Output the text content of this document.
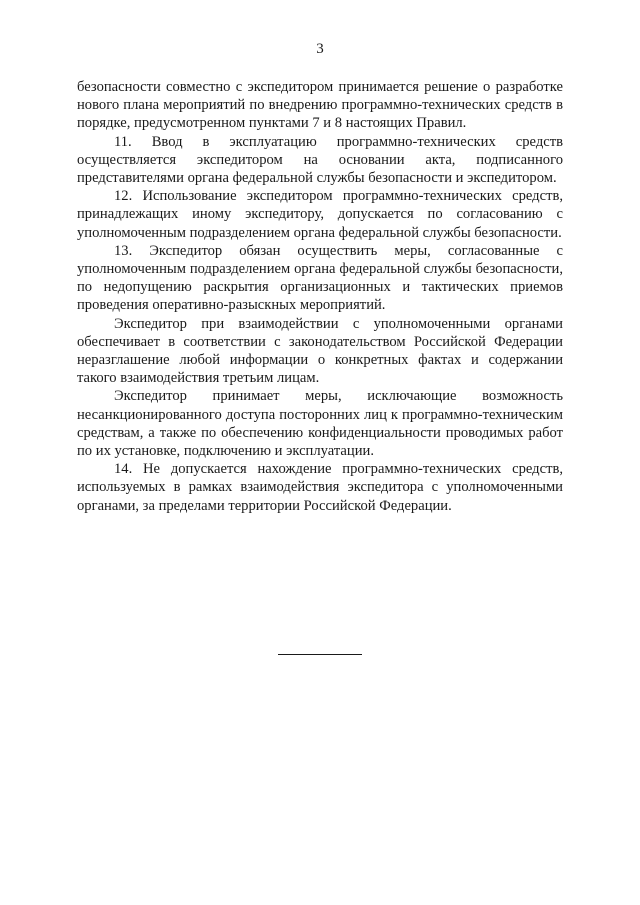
3

безопасности совместно с экспедитором принимается решение о разработке нового плана мероприятий по внедрению программно-технических средств в порядке, предусмотренном пунктами 7 и 8 настоящих Правил.

11. Ввод в эксплуатацию программно-технических средств осуществляется экспедитором на основании акта, подписанного представителями органа федеральной службы безопасности и экспедитором.

12. Использование экспедитором программно-технических средств, принадлежащих иному экспедитору, допускается по согласованию с уполномоченным подразделением органа федеральной службы безопасности.

13. Экспедитор обязан осуществить меры, согласованные с уполномоченным подразделением органа федеральной службы безопасности, по недопущению раскрытия организационных и тактических приемов проведения оперативно-разыскных мероприятий.

Экспедитор при взаимодействии с уполномоченными органами обеспечивает в соответствии с законодательством Российской Федерации неразглашение любой информации о конкретных фактах и содержании такого взаимодействия третьим лицам.

Экспедитор принимает меры, исключающие возможность несанкционированного доступа посторонних лиц к программно-техническим средствам, а также по обеспечению конфиденциальности проводимых работ по их установке, подключению и эксплуатации.

14. Не допускается нахождение программно-технических средств, используемых в рамках взаимодействия экспедитора с уполномоченными органами, за пределами территории Российской Федерации.
